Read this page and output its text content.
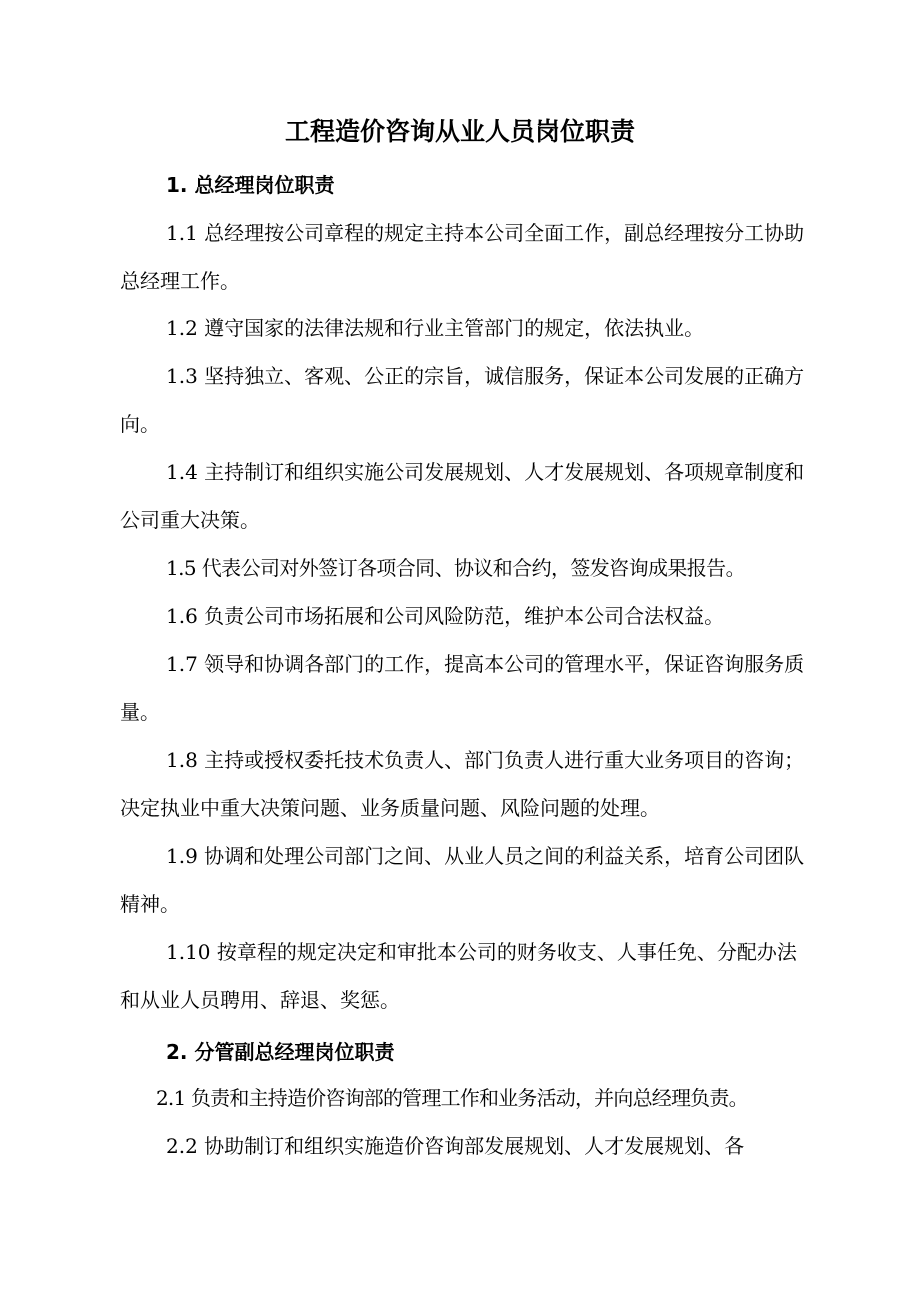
工程造价咨询从业人员岗位职责
1. 总经理岗位职责

1.1 总经理按公司章程的规定主持本公司全面工作，副总经理按分工协助总经理工作。

1.2 遵守国家的法律法规和行业主管部门的规定，依法执业。

1.3 坚持独立、客观、公正的宗旨，诚信服务，保证本公司发展的正确方向。

1.4 主持制订和组织实施公司发展规划、人才发展规划、各项规章制度和公司重大决策。

1.5 代表公司对外签订各项合同、协议和合约，签发咨询成果报告。

1.6 负责公司市场拓展和公司风险防范，维护本公司合法权益。

1.7 领导和协调各部门的工作，提高本公司的管理水平，保证咨询服务质量。

1.8 主持或授权委托技术负责人、部门负责人进行重大业务项目的咨询；决定执业中重大决策问题、业务质量问题、风险问题的处理。

1.9 协调和处理公司部门之间、从业人员之间的利益关系，培育公司团队精神。

1.10 按章程的规定决定和审批本公司的财务收支、人事任免、分配办法和从业人员聘用、辞退、奖惩。

2. 分管副总经理岗位职责

2.1 负责和主持造价咨询部的管理工作和业务活动，并向总经理负责。

2.2 协助制订和组织实施造价咨询部发展规划、人才发展规划、各
